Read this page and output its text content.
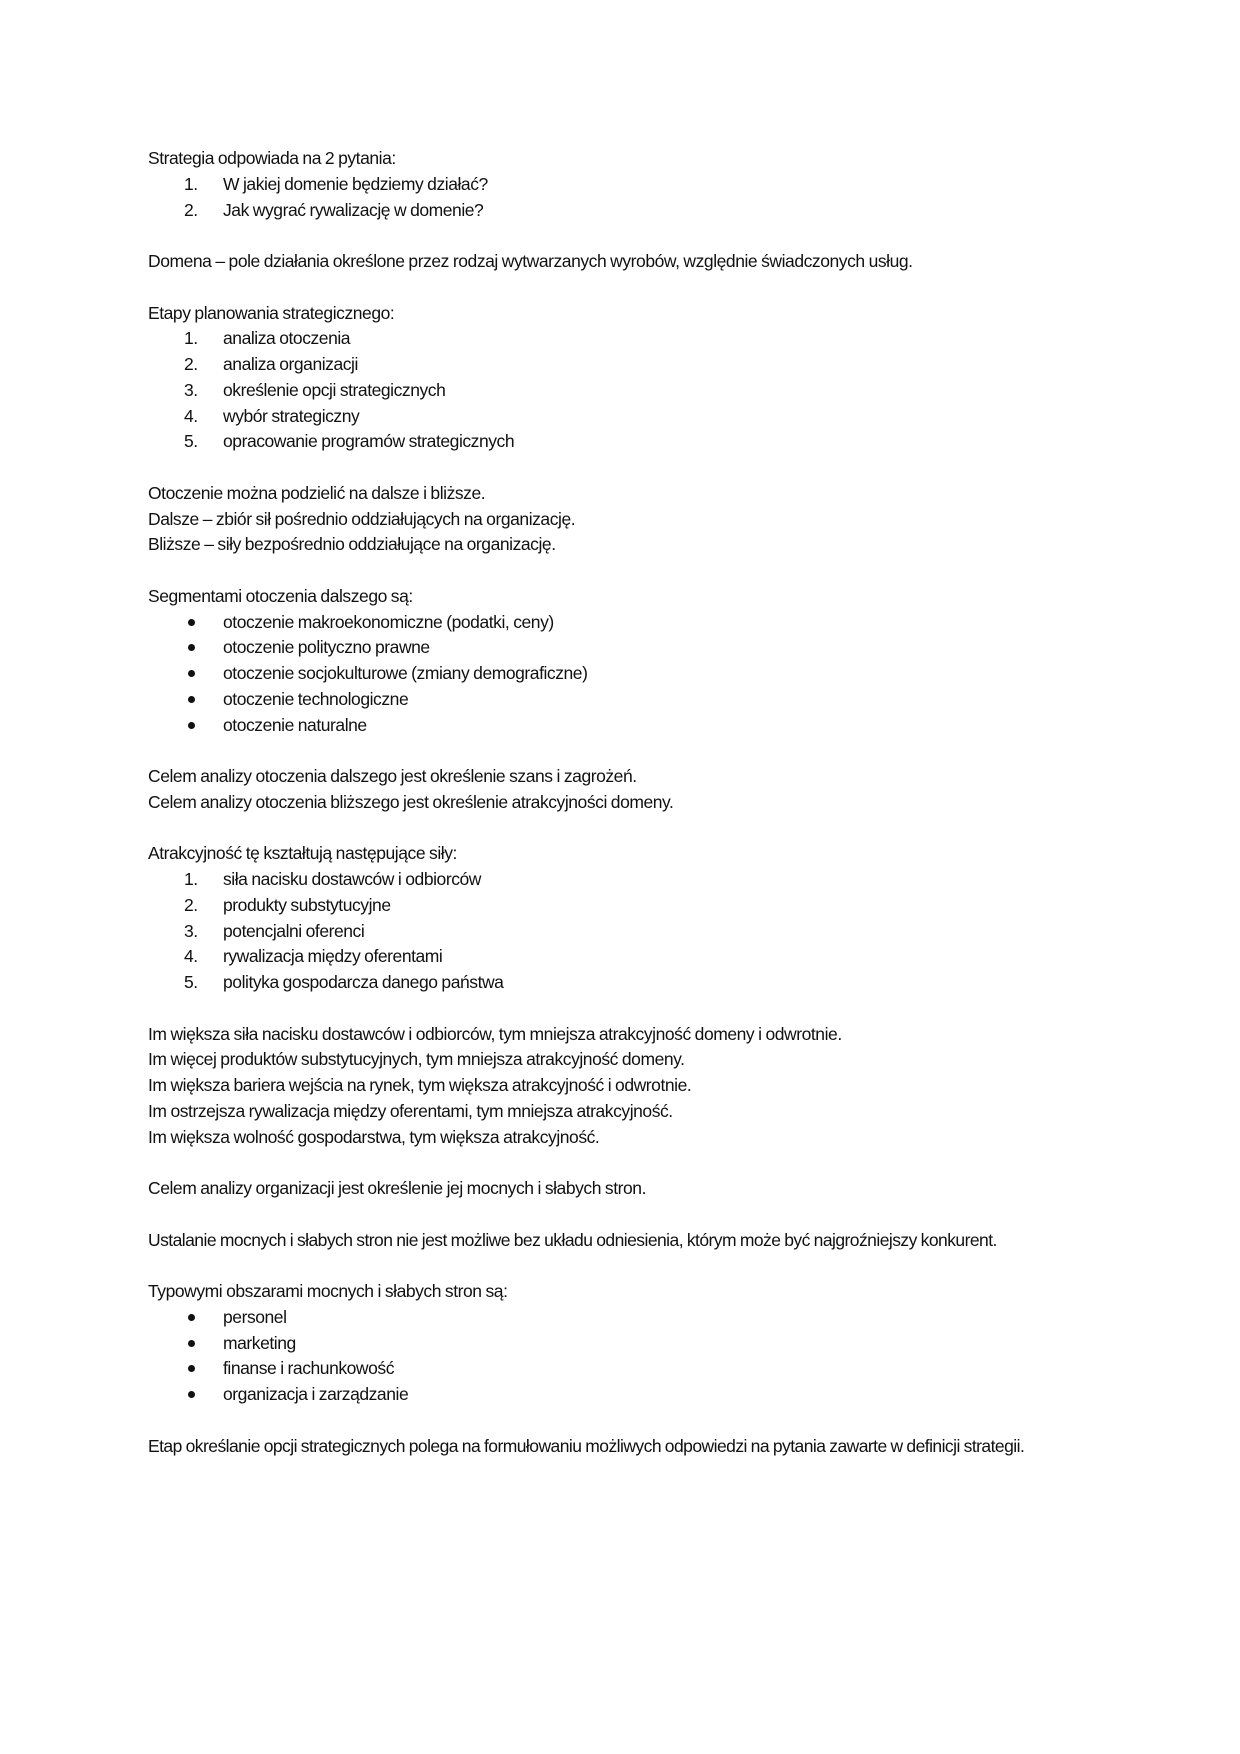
Strategia odpowiada na 2 pytania:

1. W jakiej domenie będziemy działać?
2. Jak wygrać rywalizację w domenie?

Domena – pole działania określone przez rodzaj wytwarzanych wyrobów, względnie świadczonych usług.

Etapy planowania strategicznego:

1. analiza otoczenia
2. analiza organizacji
3. określenie opcji strategicznych
4. wybór strategiczny
5. opracowanie programów strategicznych

Otoczenie można podzielić na dalsze i bliższe.
Dalsze – zbiór sił pośrednio oddziałujących na organizację.
Bliższe – siły bezpośrednio oddziałujące na organizację.

Segmentami otoczenia dalszego są:

otoczenie makroekonomiczne (podatki, ceny)
otoczenie polityczno prawne
otoczenie socjokulturowe (zmiany demograficzne)
otoczenie technologiczne
otoczenie naturalne

Celem analizy otoczenia dalszego jest określenie szans i zagrożeń.
Celem analizy otoczenia bliższego jest określenie atrakcyjności domeny.

Atrakcyjność tę kształtują następujące siły:

1. siła nacisku dostawców i odbiorców
2. produkty substytucyjne
3. potencjalni oferenci
4. rywalizacja między oferentami
5. polityka gospodarcza danego państwa

Im większa siła nacisku dostawców i odbiorców, tym mniejsza atrakcyjność domeny i odwrotnie.
Im więcej produktów substytucyjnych, tym mniejsza atrakcyjność domeny.
Im większa bariera wejścia na rynek, tym większa atrakcyjność i odwrotnie.
Im ostrzejsza rywalizacja między oferentami, tym mniejsza atrakcyjność.
Im większa wolność gospodarstwa, tym większa atrakcyjność.

Celem analizy organizacji jest określenie jej mocnych i słabych stron.

Ustalanie mocnych i słabych stron nie jest możliwe bez układu odniesienia, którym może być najgroźniejszy konkurent.

Typowymi obszarami mocnych i słabych stron są:

personel
marketing
finanse i rachunkowość
organizacja i zarządzanie

Etap określanie opcji strategicznych polega na formułowaniu możliwych odpowiedzi na pytania zawarte w definicji strategii.
